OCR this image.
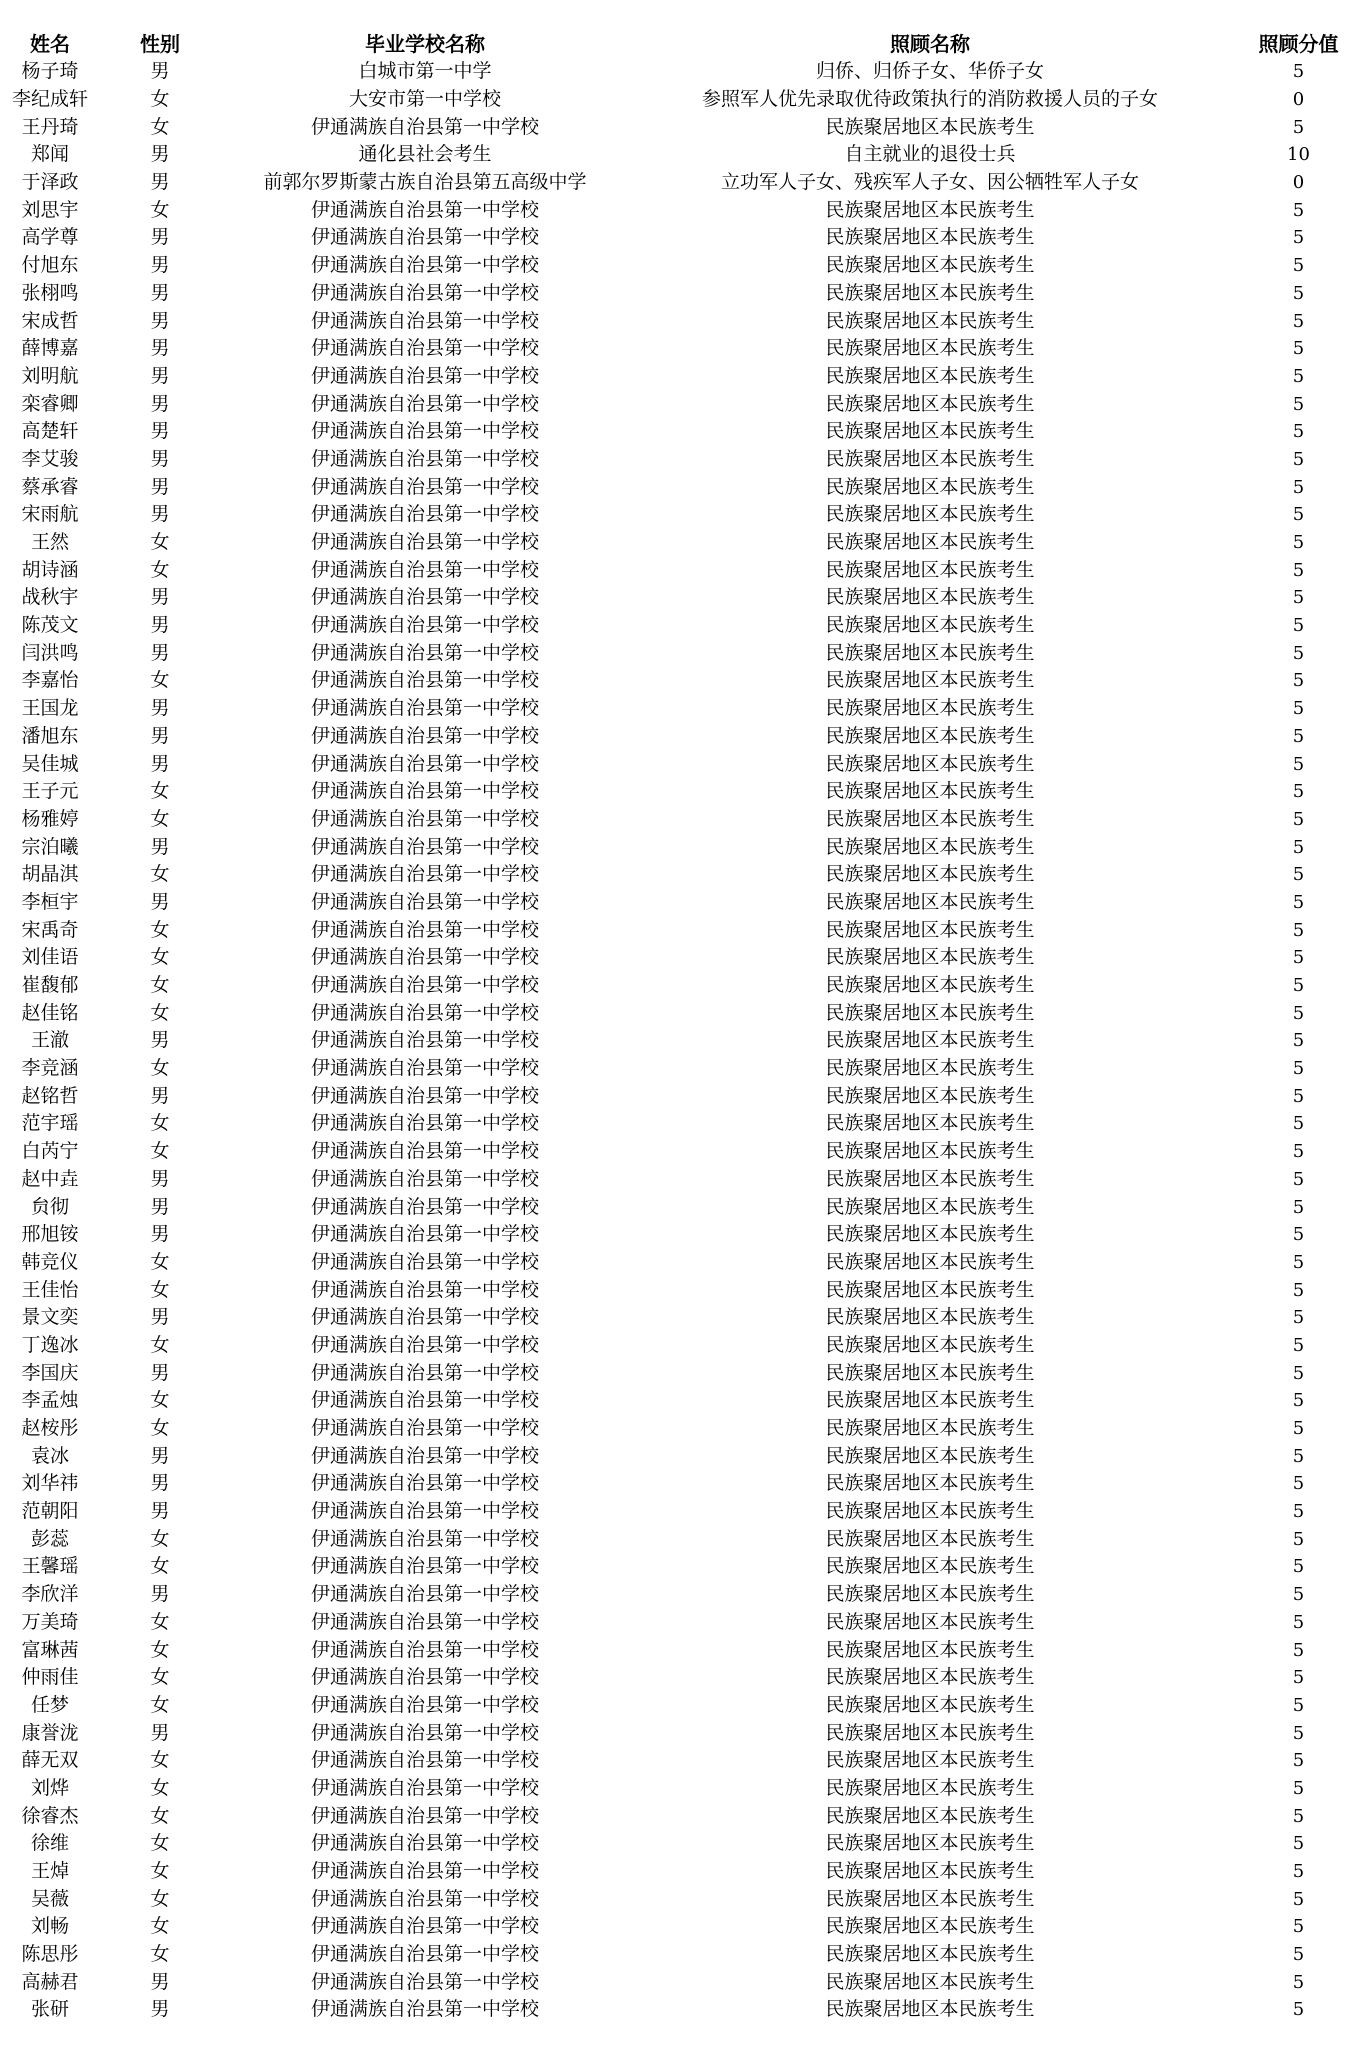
姓名	性别	毕业学校名称	照顾名称	照顾分值
杨子琦	男	白城市第一中学	归侨、归侨子女、华侨子女	5
李纪成轩	女	大安市第一中学校	参照军人优先录取优待政策执行的消防救援人员的子女	0
王丹琦	女	伊通满族自治县第一中学校	民族聚居地区本民族考生	5
郑闻	男	通化县社会考生	自主就业的退役士兵	10
于泽政	男	前郭尔罗斯蒙古族自治县第五高级中学	立功军人子女、残疾军人子女、因公牺牲军人子女	0
刘思宇	女	伊通满族自治县第一中学校	民族聚居地区本民族考生	5
高学尊	男	伊通满族自治县第一中学校	民族聚居地区本民族考生	5
付旭东	男	伊通满族自治县第一中学校	民族聚居地区本民族考生	5
张栩鸣	男	伊通满族自治县第一中学校	民族聚居地区本民族考生	5
宋成哲	男	伊通满族自治县第一中学校	民族聚居地区本民族考生	5
薛博嘉	男	伊通满族自治县第一中学校	民族聚居地区本民族考生	5
刘明航	男	伊通满族自治县第一中学校	民族聚居地区本民族考生	5
栾睿卿	男	伊通满族自治县第一中学校	民族聚居地区本民族考生	5
高楚轩	男	伊通满族自治县第一中学校	民族聚居地区本民族考生	5
李艾骏	男	伊通满族自治县第一中学校	民族聚居地区本民族考生	5
蔡承睿	男	伊通满族自治县第一中学校	民族聚居地区本民族考生	5
宋雨航	男	伊通满族自治县第一中学校	民族聚居地区本民族考生	5
王然	女	伊通满族自治县第一中学校	民族聚居地区本民族考生	5
胡诗涵	女	伊通满族自治县第一中学校	民族聚居地区本民族考生	5
战秋宇	男	伊通满族自治县第一中学校	民族聚居地区本民族考生	5
陈茂文	男	伊通满族自治县第一中学校	民族聚居地区本民族考生	5
闫洪鸣	男	伊通满族自治县第一中学校	民族聚居地区本民族考生	5
李嘉怡	女	伊通满族自治县第一中学校	民族聚居地区本民族考生	5
王国龙	男	伊通满族自治县第一中学校	民族聚居地区本民族考生	5
潘旭东	男	伊通满族自治县第一中学校	民族聚居地区本民族考生	5
吴佳城	男	伊通满族自治县第一中学校	民族聚居地区本民族考生	5
王子元	女	伊通满族自治县第一中学校	民族聚居地区本民族考生	5
杨雅婷	女	伊通满族自治县第一中学校	民族聚居地区本民族考生	5
宗泊曦	男	伊通满族自治县第一中学校	民族聚居地区本民族考生	5
胡晶淇	女	伊通满族自治县第一中学校	民族聚居地区本民族考生	5
李桓宇	男	伊通满族自治县第一中学校	民族聚居地区本民族考生	5
宋禹奇	女	伊通满族自治县第一中学校	民族聚居地区本民族考生	5
刘佳语	女	伊通满族自治县第一中学校	民族聚居地区本民族考生	5
崔馥郁	女	伊通满族自治县第一中学校	民族聚居地区本民族考生	5
赵佳铭	女	伊通满族自治县第一中学校	民族聚居地区本民族考生	5
王澈	男	伊通满族自治县第一中学校	民族聚居地区本民族考生	5
李竞涵	女	伊通满族自治县第一中学校	民族聚居地区本民族考生	5
赵铭哲	男	伊通满族自治县第一中学校	民族聚居地区本民族考生	5
范宇瑶	女	伊通满族自治县第一中学校	民族聚居地区本民族考生	5
白芮宁	女	伊通满族自治县第一中学校	民族聚居地区本民族考生	5
赵中垚	男	伊通满族自治县第一中学校	民族聚居地区本民族考生	5
贠彻	男	伊通满族自治县第一中学校	民族聚居地区本民族考生	5
邢旭铵	男	伊通满族自治县第一中学校	民族聚居地区本民族考生	5
韩竞仪	女	伊通满族自治县第一中学校	民族聚居地区本民族考生	5
王佳怡	女	伊通满族自治县第一中学校	民族聚居地区本民族考生	5
景文奕	男	伊通满族自治县第一中学校	民族聚居地区本民族考生	5
丁逸冰	女	伊通满族自治县第一中学校	民族聚居地区本民族考生	5
李国庆	男	伊通满族自治县第一中学校	民族聚居地区本民族考生	5
李孟烛	女	伊通满族自治县第一中学校	民族聚居地区本民族考生	5
赵桉彤	女	伊通满族自治县第一中学校	民族聚居地区本民族考生	5
袁冰	男	伊通满族自治县第一中学校	民族聚居地区本民族考生	5
刘华祎	男	伊通满族自治县第一中学校	民族聚居地区本民族考生	5
范朝阳	男	伊通满族自治县第一中学校	民族聚居地区本民族考生	5
彭蕊	女	伊通满族自治县第一中学校	民族聚居地区本民族考生	5
王馨瑶	女	伊通满族自治县第一中学校	民族聚居地区本民族考生	5
李欣洋	男	伊通满族自治县第一中学校	民族聚居地区本民族考生	5
万美琦	女	伊通满族自治县第一中学校	民族聚居地区本民族考生	5
富琳茜	女	伊通满族自治县第一中学校	民族聚居地区本民族考生	5
仲雨佳	女	伊通满族自治县第一中学校	民族聚居地区本民族考生	5
任梦	女	伊通满族自治县第一中学校	民族聚居地区本民族考生	5
康誉泷	男	伊通满族自治县第一中学校	民族聚居地区本民族考生	5
薛无双	女	伊通满族自治县第一中学校	民族聚居地区本民族考生	5
刘烨	女	伊通满族自治县第一中学校	民族聚居地区本民族考生	5
徐睿杰	女	伊通满族自治县第一中学校	民族聚居地区本民族考生	5
徐维	女	伊通满族自治县第一中学校	民族聚居地区本民族考生	5
王焯	女	伊通满族自治县第一中学校	民族聚居地区本民族考生	5
吴薇	女	伊通满族自治县第一中学校	民族聚居地区本民族考生	5
刘畅	女	伊通满族自治县第一中学校	民族聚居地区本民族考生	5
陈思彤	女	伊通满族自治县第一中学校	民族聚居地区本民族考生	5
高赫君	男	伊通满族自治县第一中学校	民族聚居地区本民族考生	5
张研	男	伊通满族自治县第一中学校	民族聚居地区本民族考生	5
